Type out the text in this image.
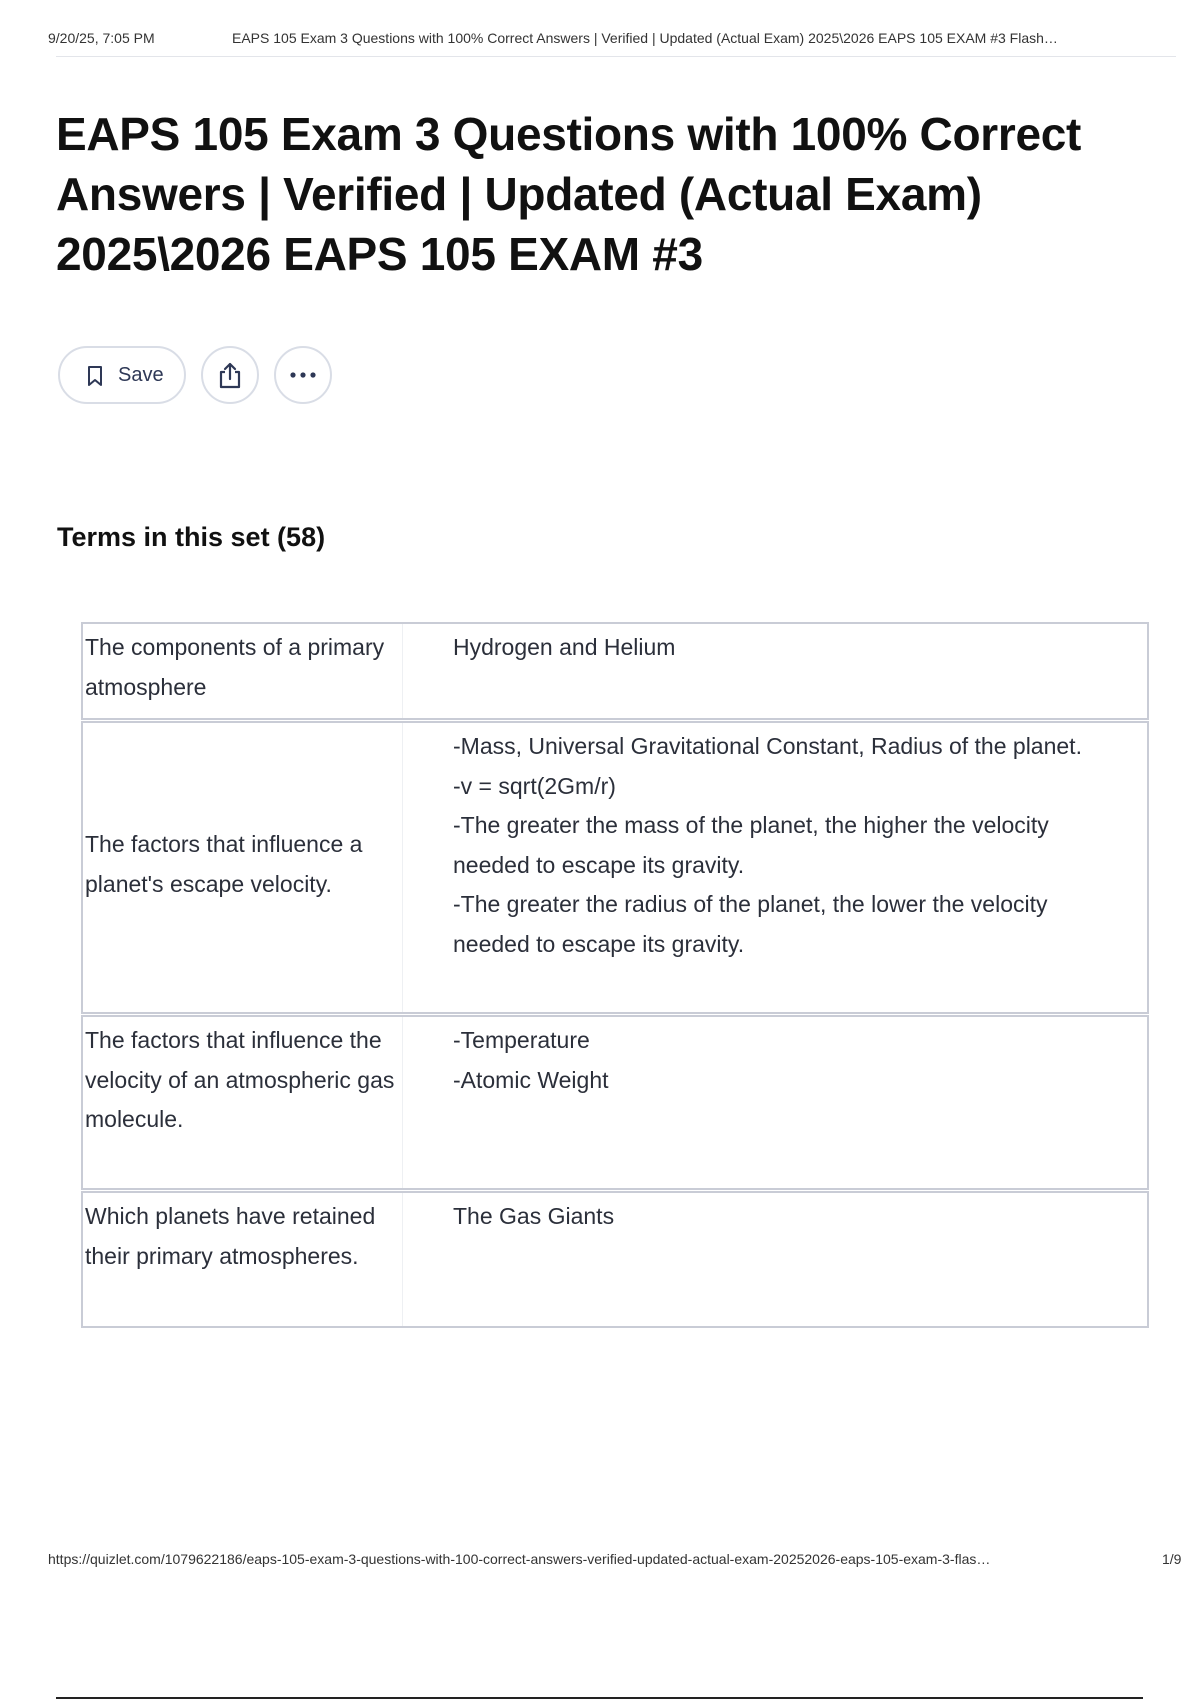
9/20/25, 7:05 PM	EAPS 105 Exam 3 Questions with 100% Correct Answers | Verified | Updated (Actual Exam) 2025\2026 EAPS 105 EXAM #3 Flash…
EAPS 105 Exam 3 Questions with 100% Correct Answers | Verified | Updated (Actual Exam) 2025\2026 EAPS 105 EXAM #3
Save
Terms in this set (58)
The components of a primary atmosphere
Hydrogen and Helium
The factors that influence a planet's escape velocity.
-Mass, Universal Gravitational Constant, Radius of the planet.
-v = sqrt(2Gm/r)
-The greater the mass of the planet, the higher the velocity needed to escape its gravity.
-The greater the radius of the planet, the lower the velocity needed to escape its gravity.
The factors that influence the velocity of an atmospheric gas molecule.
-Temperature
-Atomic Weight
Which planets have retained their primary atmospheres.
The Gas Giants
https://quizlet.com/1079622186/eaps-105-exam-3-questions-with-100-correct-answers-verified-updated-actual-exam-20252026-eaps-105-exam-3-flas…	1/9
